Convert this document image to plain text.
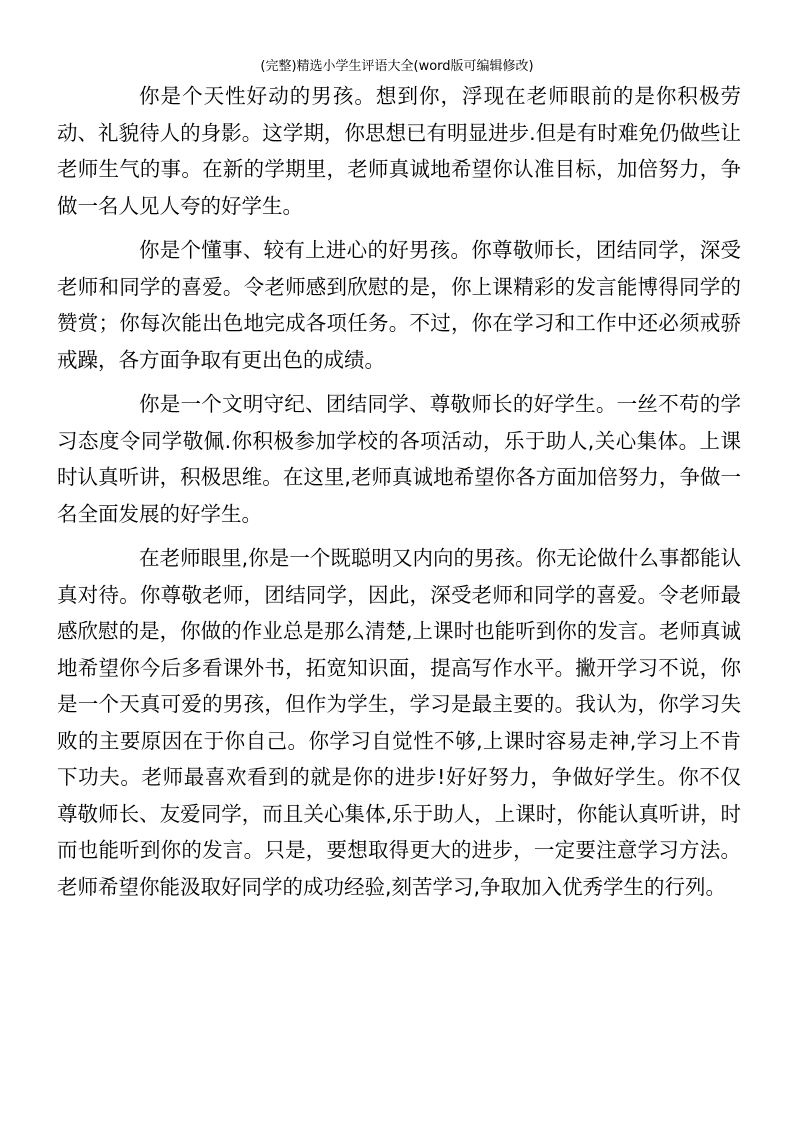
(完整)精选小学生评语大全(word版可编辑修改)

你是个天性好动的男孩。想到你，浮现在老师眼前的是你积极劳动、礼貌待人的身影。这学期，你思想已有明显进步.但是有时难免仍做些让老师生气的事。在新的学期里，老师真诚地希望你认准目标，加倍努力，争做一名人见人夸的好学生。

你是个懂事、较有上进心的好男孩。你尊敬师长，团结同学，深受老师和同学的喜爱。令老师感到欣慰的是，你上课精彩的发言能博得同学的赞赏；你每次能出色地完成各项任务。不过，你在学习和工作中还必须戒骄戒躁，各方面争取有更出色的成绩。

你是一个文明守纪、团结同学、尊敬师长的好学生。一丝不苟的学习态度令同学敬佩.你积极参加学校的各项活动，乐于助人,关心集体。上课时认真听讲，积极思维。在这里,老师真诚地希望你各方面加倍努力，争做一名全面发展的好学生。

在老师眼里,你是一个既聪明又内向的男孩。你无论做什么事都能认真对待。你尊敬老师，团结同学，因此，深受老师和同学的喜爱。令老师最感欣慰的是，你做的作业总是那么清楚,上课时也能听到你的发言。老师真诚地希望你今后多看课外书，拓宽知识面，提高写作水平。撇开学习不说，你是一个天真可爱的男孩，但作为学生，学习是最主要的。我认为，你学习失败的主要原因在于你自己。你学习自觉性不够,上课时容易走神,学习上不肯下功夫。老师最喜欢看到的就是你的进步!好好努力，争做好学生。你不仅尊敬师长、友爱同学，而且关心集体,乐于助人，上课时，你能认真听讲，时而也能听到你的发言。只是，要想取得更大的进步，一定要注意学习方法。老师希望你能汲取好同学的成功经验,刻苦学习,争取加入优秀学生的行列。
